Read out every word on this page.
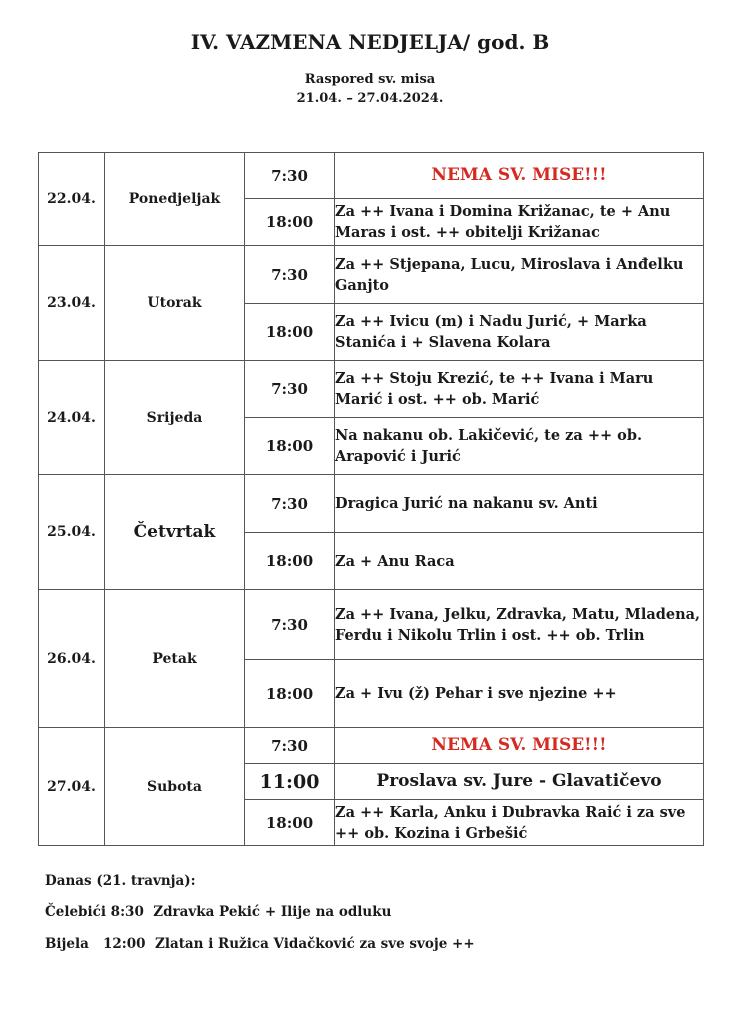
IV. VAZMENA NEDJELJA/ god. B
Raspored sv. misa
21.04. – 27.04.2024.
22.04.	Ponedjeljak	7:30	NEMA SV. MISE!!!
		18:00	Za ++ Ivana i Domina Križanac, te + Anu Maras i ost. ++ obitelji Križanac
23.04.	Utorak	7:30	Za ++ Stjepana, Lucu, Miroslava i Anđelku Ganjto
		18:00	Za ++ Ivicu (m) i Nadu Jurić, + Marka Stanića i + Slavena Kolara
24.04.	Srijeda	7:30	Za ++ Stoju Krezić, te ++ Ivana i Maru Marić i ost. ++ ob. Marić
		18:00	Na nakanu ob. Lakičević, te za ++ ob. Arapović i Jurić
25.04.	Četvrtak	7:30	Dragica Jurić na nakanu sv. Anti
		18:00	Za + Anu Raca
26.04.	Petak	7:30	Za ++ Ivana, Jelku, Zdravka, Matu, Mladena, Ferdu i Nikolu Trlin i ost. ++ ob. Trlin
		18:00	Za + Ivu (ž) Pehar i sve njezine ++
27.04.	Subota	7:30	NEMA SV. MISE!!!
		11:00	Proslava sv. Jure - Glavatičevo
		18:00	Za ++ Karla, Anku i Dubravka Raić i za sve ++ ob. Kozina i Grbešić
Danas (21. travnja):
Čelebići 8:30 Zdravka Pekić + Ilije na odluku
Bijela 12:00 Zlatan i Ružica Vidačković za sve svoje ++
